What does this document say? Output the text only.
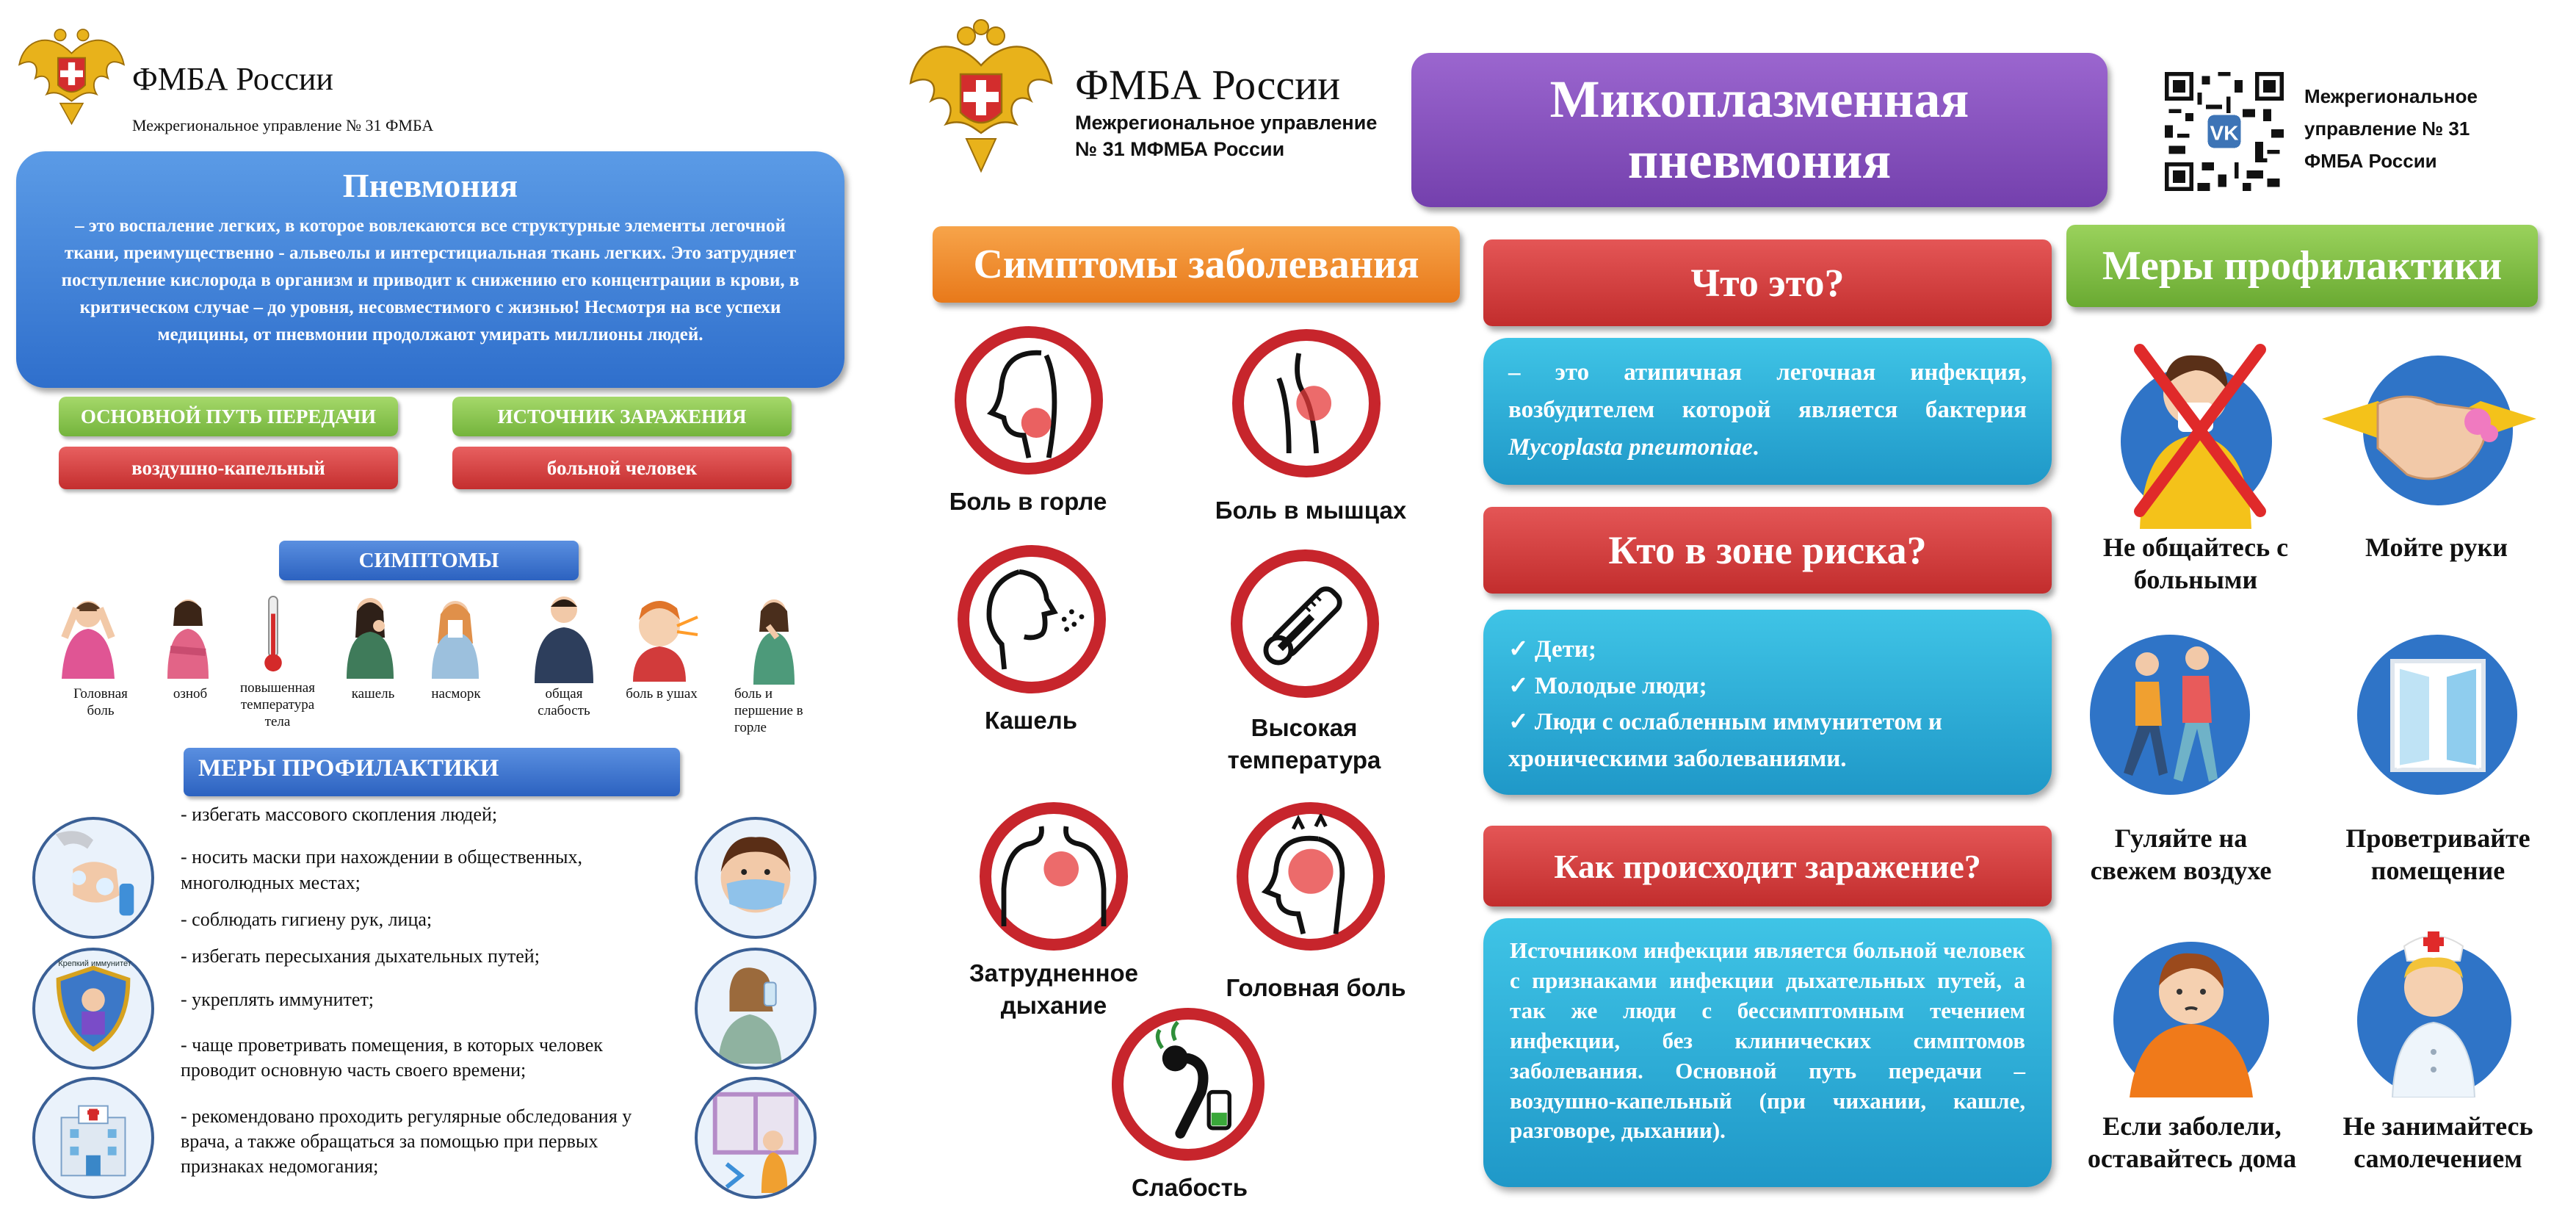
ФМБА России
Межрегиональное управление № 31 ФМБА
Пневмония
– это воспаление легких, в которое вовлекаются все структурные элементы легочной ткани, преимущественно - альвеолы и интерстициальная ткань легких. Это затрудняет поступление кислорода в организм и приводит к снижению его концентрации в крови, в критическом случае – до уровня, несовместимого с жизнью! Несмотря на все успехи медицины, от пневмонии продолжают умирать миллионы людей.
ОСНОВНОЙ ПУТЬ ПЕРЕДАЧИ
воздушно-капельный
ИСТОЧНИК ЗАРАЖЕНИЯ
больной человек
СИМПТОМЫ
Головная боль
озноб	повышенная температура тела
кашель	насморк	общая слабость
боль в ушах	боль и першение в горле
МЕРЫ ПРОФИЛАКТИКИ
- избегать массового скопления людей;
- носить маски при нахождении в общественных, многолюдных местах;
- соблюдать гигиену рук, лица;
- избегать пересыхания дыхательных путей;
- укреплять иммунитет;
- чаще проветривать помещения, в которых человек проводит основную часть своего времени;
- рекомендовано проходить регулярные обследования у врача, а также обращаться за помощью при первых признаках недомогания;
Крепкий иммунитет
ФМБА России
Межрегиональное управление
№ 31 МФМБА России
Микоплазменная
пневмония	VK
Межрегиональное
управление № 31
ФМБА России
Симптомы заболевания
Боль в горле	Боль в мышцах
Кашель	Высокая
температура
Затрудненное
дыхание
Головная боль
Слабость
Что это?
– это атипичная легочная инфекция, возбудителем которой является бактерия Mycoplasta pneumoniae.
Кто в зоне риска?
✓ Дети;
✓ Молодые люди;
✓ Люди с ослабленным иммунитетом и хроническими заболеваниями.
Как происходит заражение?
Источником инфекции является больной человек с признаками инфекции дыхательных путей, а так же люди с бессимптомным течением инфекции, без клинических симптомов заболевания. Основной путь передачи – воздушно-капельный (при чихании, кашле, разговоре, дыхании).
Меры профилактики
Не общайтесь с
больными
Мойте руки
Гуляйте на
свежем воздухе
Проветривайте
помещение
Если заболели,
оставайтесь дома
Не занимайтесь
самолечением
